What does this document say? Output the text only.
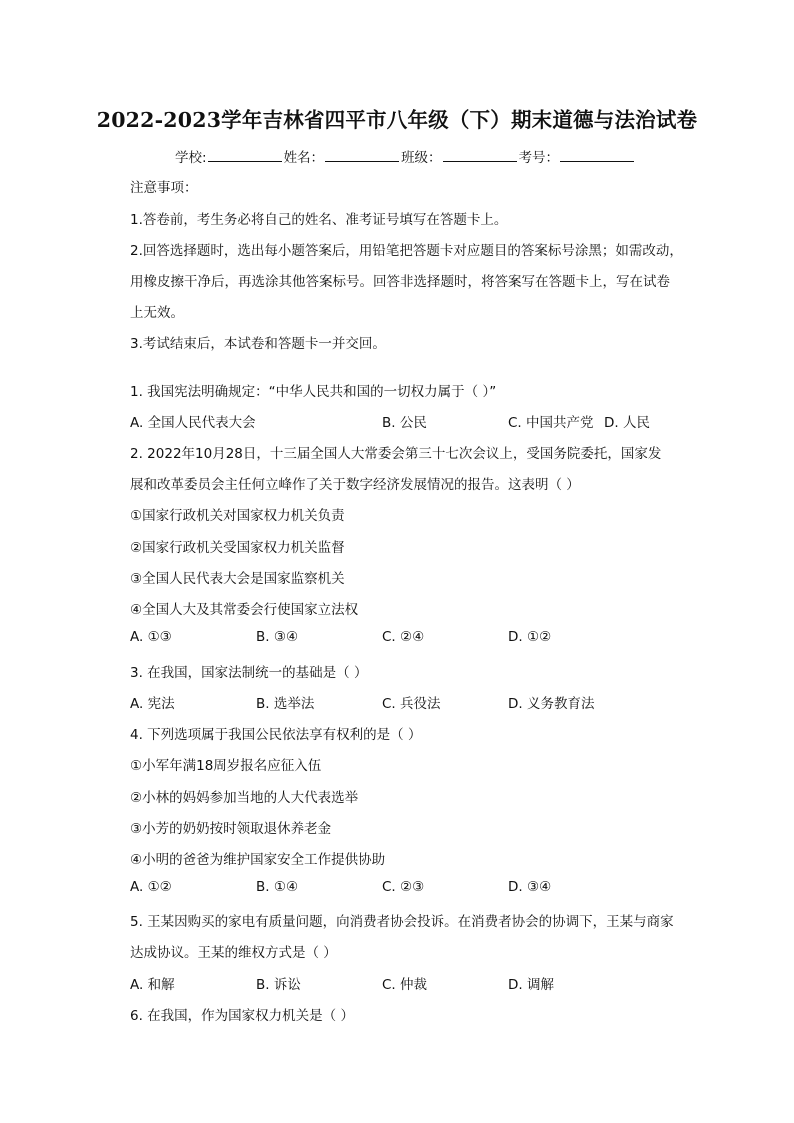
2022-2023学年吉林省四平市八年级（下）期末道德与法治试卷
学校:	姓名：	班级：	考号：
注意事项：
1.答卷前，考生务必将自己的姓名、准考证号填写在答题卡上。
2.回答选择题时，选出每小题答案后，用铅笔把答题卡对应题目的答案标号涂黑；如需改动，
用橡皮擦干净后，再选涂其他答案标号。回答非选择题时，将答案写在答题卡上，写在试卷
上无效。
3.考试结束后，本试卷和答题卡一并交回。
1. 我国宪法明确规定：“中华人民共和国的一切权力属于（ ）”
A. 全国人民代表大会	B. 公民	C. 中国共产党 D. 人民
2. 2022年10月28日，十三届全国人大常委会第三十七次会议上，受国务院委托，国家发
展和改革委员会主任何立峰作了关于数字经济发展情况的报告。这表明（ ）
①国家行政机关对国家权力机关负责
②国家行政机关受国家权力机关监督
③全国人民代表大会是国家监察机关
④全国人大及其常委会行使国家立法权
A. ①③	B. ③④	C. ②④	D. ①②
3. 在我国，国家法制统一的基础是（ ）
A. 宪法	B. 选举法	C. 兵役法	D. 义务教育法
4. 下列选项属于我国公民依法享有权利的是（ ）
①小军年满18周岁报名应征入伍
②小林的妈妈参加当地的人大代表选举
③小芳的奶奶按时领取退休养老金
④小明的爸爸为维护国家安全工作提供协助
A. ①②	B. ①④	C. ②③	D. ③④
5. 王某因购买的家电有质量问题，向消费者协会投诉。在消费者协会的协调下，王某与商家
达成协议。王某的维权方式是（ ）
A. 和解	B. 诉讼	C. 仲裁	D. 调解
6. 在我国，作为国家权力机关是（ ）
